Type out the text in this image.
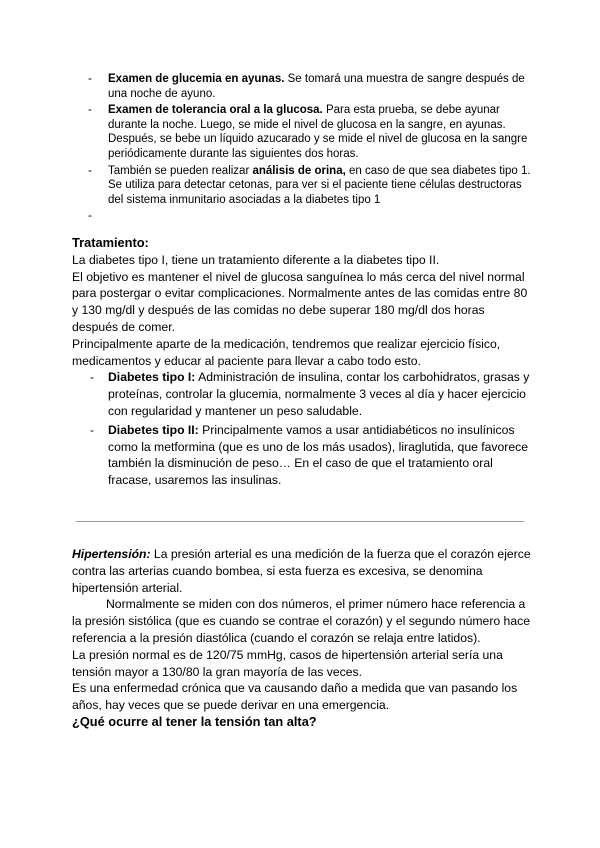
- Examen de glucemia en ayunas. Se tomará una muestra de sangre después de una noche de ayuno.
- Examen de tolerancia oral a la glucosa. Para esta prueba, se debe ayunar durante la noche. Luego, se mide el nivel de glucosa en la sangre, en ayunas. Después, se bebe un líquido azucarado y se mide el nivel de glucosa en la sangre periódicamente durante las siguientes dos horas.
- También se pueden realizar análisis de orina, en caso de que sea diabetes tipo 1. Se utiliza para detectar cetonas, para ver si el paciente tiene células destructoras del sistema inmunitario asociadas a la diabetes tipo 1
-

Tratamiento:

La diabetes tipo I, tiene un tratamiento diferente a la diabetes tipo II.

El objetivo es mantener el nivel de glucosa sanguínea lo más cerca del nivel normal para postergar o evitar complicaciones. Normalmente antes de las comidas entre 80 y 130 mg/dl y después de las comidas no debe superar 180 mg/dl dos horas después de comer.

Principalmente aparte de la medicación, tendremos que realizar ejercicio físico, medicamentos y educar al paciente para llevar a cabo todo esto.

- Diabetes tipo I: Administración de insulina, contar los carbohidratos, grasas y proteínas, controlar la glucemia, normalmente 3 veces al día y hacer ejercicio con regularidad y mantener un peso saludable.
- Diabetes tipo II: Principalmente vamos a usar antidiabéticos no insulínicos como la metformina (que es uno de los más usados), liraglutida, que favorece también la disminución de peso… En el caso de que el tratamiento oral fracase, usaremos las insulinas.

Hipertensión: La presión arterial es una medición de la fuerza que el corazón ejerce contra las arterias cuando bombea, si esta fuerza es excesiva, se denomina hipertensión arterial.

Normalmente se miden con dos números, el primer número hace referencia a la presión sistólica (que es cuando se contrae el corazón) y el segundo número hace referencia a la presión diastólica (cuando el corazón se relaja entre latidos).

La presión normal es de 120/75 mmHg, casos de hipertensión arterial sería una tensión mayor a 130/80 la gran mayoría de las veces.

Es una enfermedad crónica que va causando daño a medida que van pasando los años, hay veces que se puede derivar en una emergencia.

¿Qué ocurre al tener la tensión tan alta?
